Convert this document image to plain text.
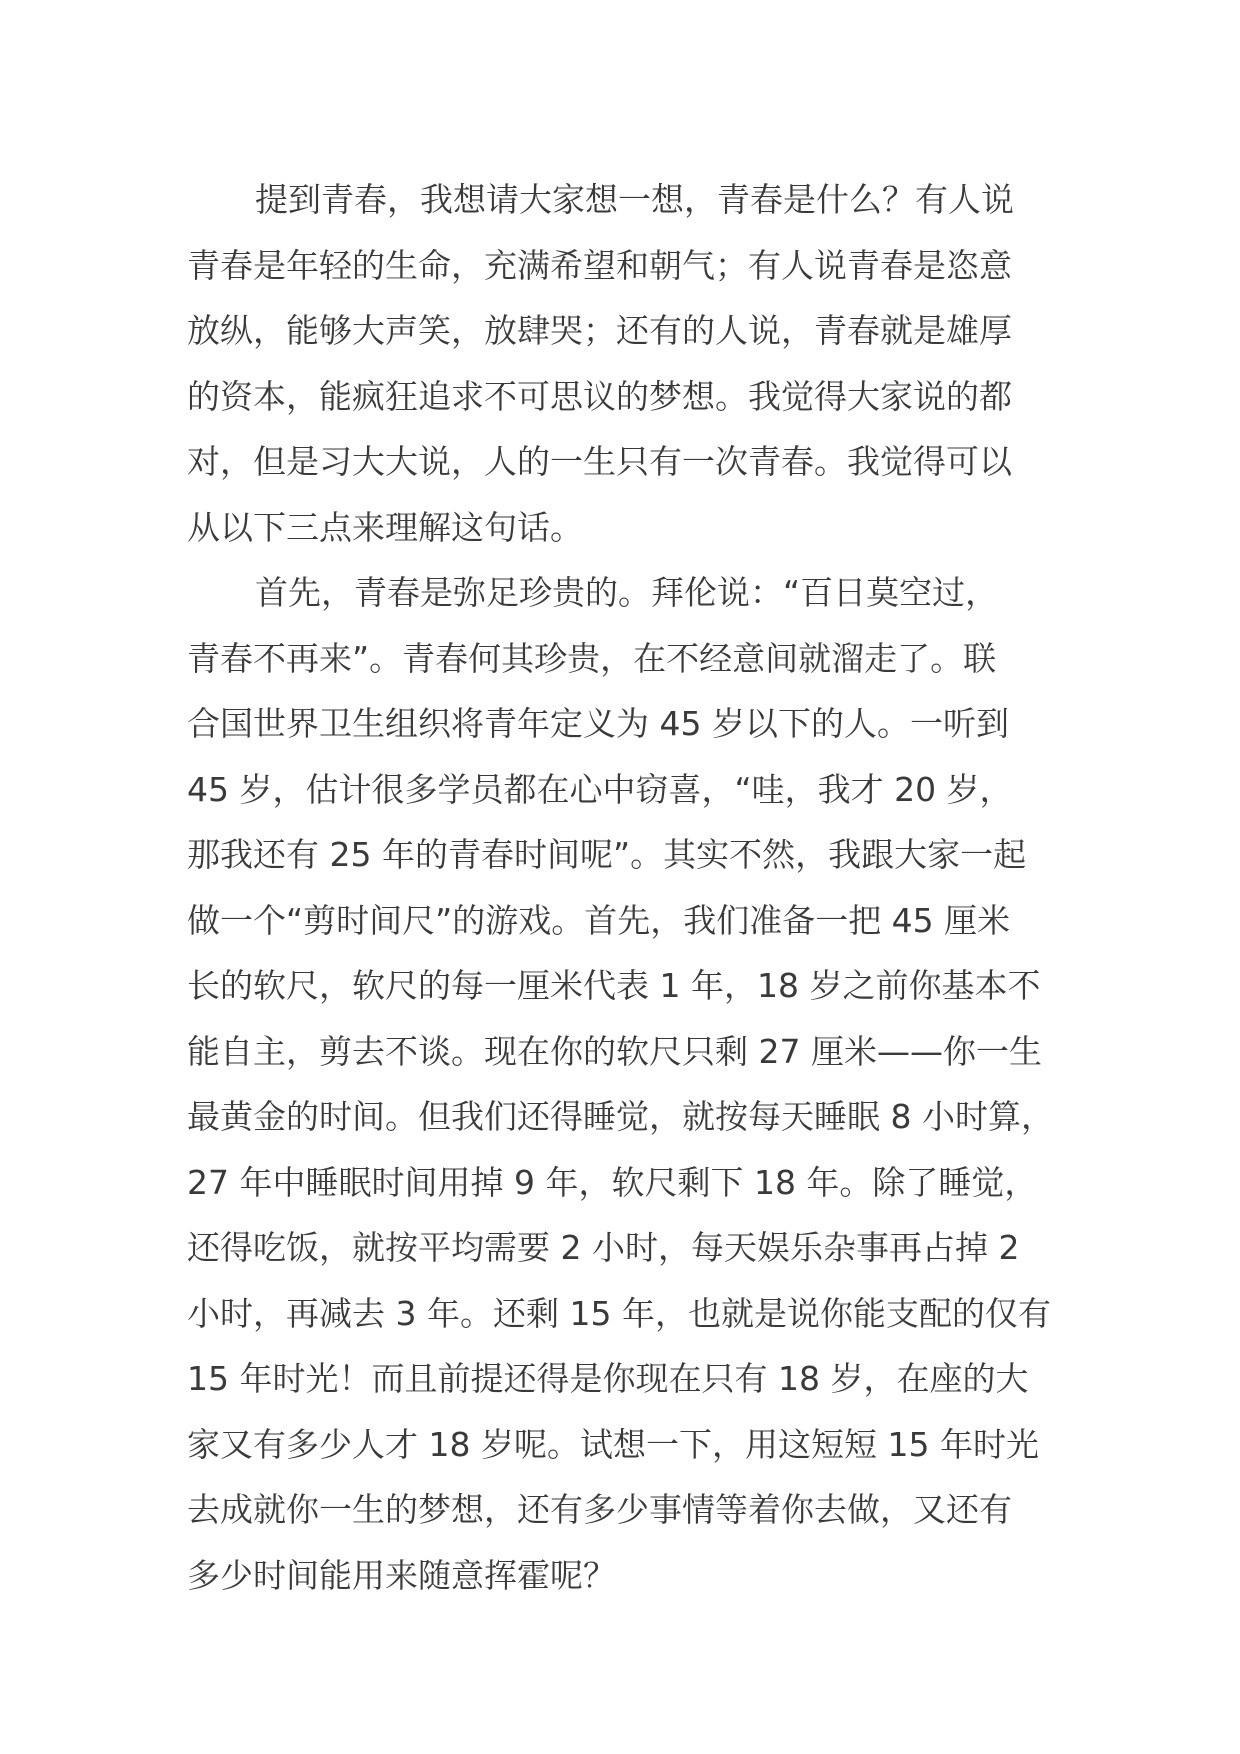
提到青春，我想请大家想一想，青春是什么？有人说
青春是年轻的生命，充满希望和朝气；有人说青春是恣意
放纵，能够大声笑，放肆哭；还有的人说，青春就是雄厚
的资本，能疯狂追求不可思议的梦想。我觉得大家说的都
对，但是习大大说，人的一生只有一次青春。我觉得可以
从以下三点来理解这句话。
首先，青春是弥足珍贵的。拜伦说：“百日莫空过，
青春不再来”。青春何其珍贵，在不经意间就溜走了。联
合国世界卫生组织将青年定义为 45 岁以下的人。一听到
45 岁，估计很多学员都在心中窃喜，“哇，我才 20 岁，
那我还有 25 年的青春时间呢”。其实不然，我跟大家一起
做一个“剪时间尺”的游戏。首先，我们准备一把 45 厘米
长的软尺，软尺的每一厘米代表 1 年，18 岁之前你基本不
能自主，剪去不谈。现在你的软尺只剩 27 厘米——你一生
最黄金的时间。但我们还得睡觉，就按每天睡眠 8 小时算，
27 年中睡眠时间用掉 9 年，软尺剩下 18 年。除了睡觉，
还得吃饭，就按平均需要 2 小时，每天娱乐杂事再占掉 2
小时，再减去 3 年。还剩 15 年，也就是说你能支配的仅有
15 年时光！而且前提还得是你现在只有 18 岁，在座的大
家又有多少人才 18 岁呢。试想一下，用这短短 15 年时光
去成就你一生的梦想，还有多少事情等着你去做，又还有
多少时间能用来随意挥霍呢？
